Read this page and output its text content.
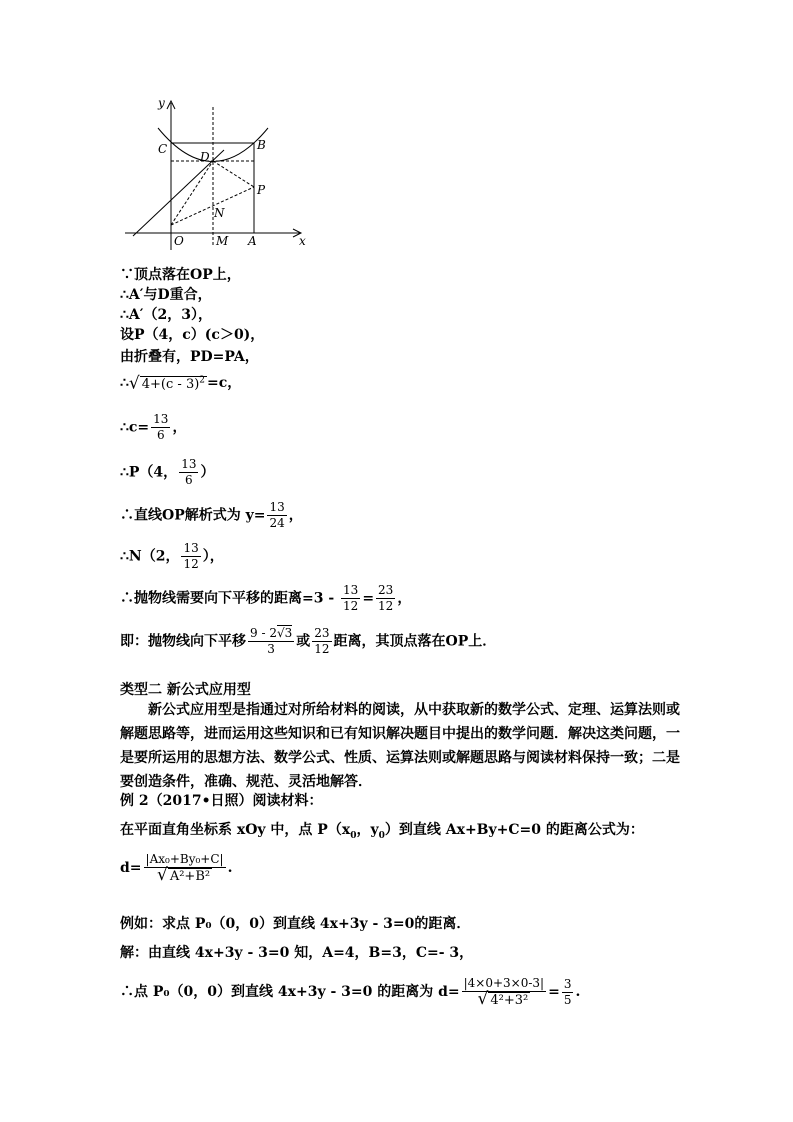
y
x
C	B
D
P
N
O	M A
∵顶点落在OP上，
∴A′与D重合，
∴A′（2，3），
设P（4，c）(c＞0)，
由折叠有，PD=PA，
∴√ 4+(c - 3)$^2$ =c，
∴c= $\frac{13}{6}$ ，
∴P（4， $\frac{13}{6}$ ）
∴直线OP解析式为 $y= \frac{13}{24}$ ，
∴N（2， $\frac{13}{12}$ ），
∴抛物线需要向下平移的距离$=3 - \frac{13}{12} = \frac{23}{12}$ ，
即：抛物线向下平移 $\frac{9 - 2√3}{3}$ 或 $\frac{23}{12}$ 距离，其顶点落在OP上．
类型二 新公式应用型
新公式应用型是指通过对所给材料的阅读，从中获取新的数学公式、定理、运算法则或解题思路等，进而运用这些知识和已有知识解决题目中提出的数学问题．解决这类问题，一是要所运用的思想方法、数学公式、性质、运算法则或解题思路与阅读材料保持一致；二是要创造条件，准确、规范、灵活地解答．
例 2（2017•日照）阅读材料：
在平面直角坐标系 xOy 中，点 $P(x_0$，$y_0$）到直线 Ax+By+C=0 的距离公式为：
$d= \frac{\text{|Ax₀+By₀+C|}}{\text{√ A²+B²}}$ .
例如：求点 P₀（0，0）到直线 4x+3y - 3=0的距离．
解：由直线 4x+3y - 3=0 知，A=4，B=3，C=- 3，
∴点 P₀（0，0）到直线 4x+3y - 3=0 的距离为 $d= \frac{|4\times 0+3\times 0-3|}{\text{√ 4²+3²}} = \frac{3}{5}$ .
